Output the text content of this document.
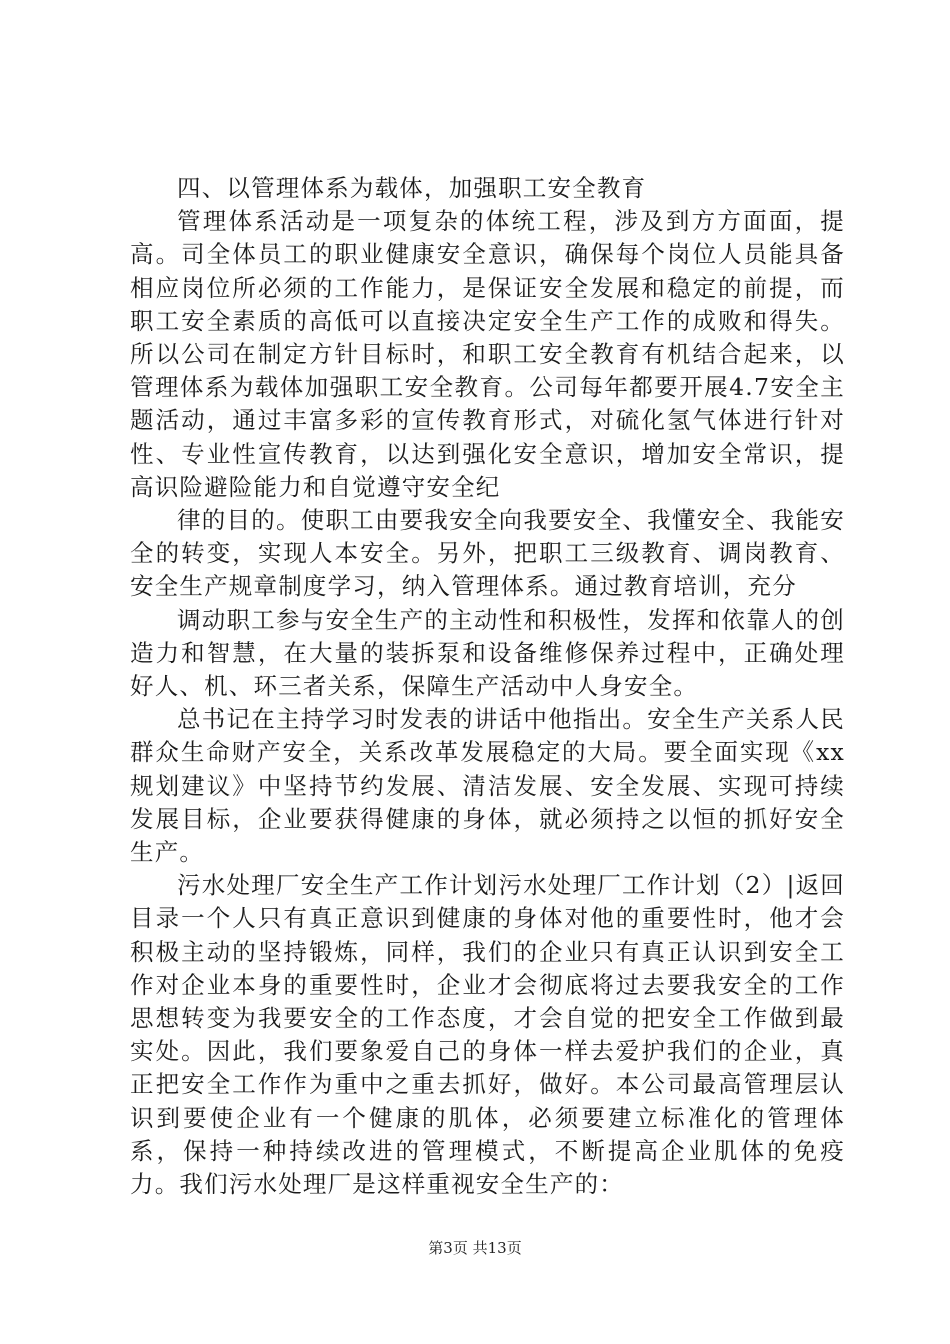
四、以管理体系为载体，加强职工安全教育

管理体系活动是一项复杂的体统工程，涉及到方方面面，提高。司全体员工的职业健康安全意识，确保每个岗位人员能具备相应岗位所必须的工作能力，是保证安全发展和稳定的前提，而职工安全素质的高低可以直接决定安全生产工作的成败和得失。所以公司在制定方针目标时，和职工安全教育有机结合起来，以管理体系为载体加强职工安全教育。公司每年都要开展4.7安全主题活动，通过丰富多彩的宣传教育形式，对硫化氢气体进行针对性、专业性宣传教育，以达到强化安全意识，增加安全常识，提高识险避险能力和自觉遵守安全纪

律的目的。使职工由要我安全向我要安全、我懂安全、我能安全的转变，实现人本安全。另外，把职工三级教育、调岗教育、安全生产规章制度学习，纳入管理体系。通过教育培训，充分

调动职工参与安全生产的主动性和积极性，发挥和依靠人的创造力和智慧，在大量的装拆泵和设备维修保养过程中，正确处理好人、机、环三者关系，保障生产活动中人身安全。

总书记在主持学习时发表的讲话中他指出。安全生产关系人民群众生命财产安全，关系改革发展稳定的大局。要全面实现《xx规划建议》中坚持节约发展、清洁发展、安全发展、实现可持续发展目标，企业要获得健康的身体，就必须持之以恒的抓好安全生产。

污水处理厂安全生产工作计划污水处理厂工作计划（2）|返回目录一个人只有真正意识到健康的身体对他的重要性时，他才会积极主动的坚持锻炼，同样，我们的企业只有真正认识到安全工作对企业本身的重要性时，企业才会彻底将过去要我安全的工作思想转变为我要安全的工作态度，才会自觉的把安全工作做到最实处。因此，我们要象爱自己的身体一样去爱护我们的企业，真正把安全工作作为重中之重去抓好，做好。本公司最高管理层认识到要使企业有一个健康的肌体，必须要建立标准化的管理体系，保持一种持续改进的管理模式，不断提高企业肌体的免疫力。我们污水处理厂是这样重视安全生产的：

第3页 共13页
